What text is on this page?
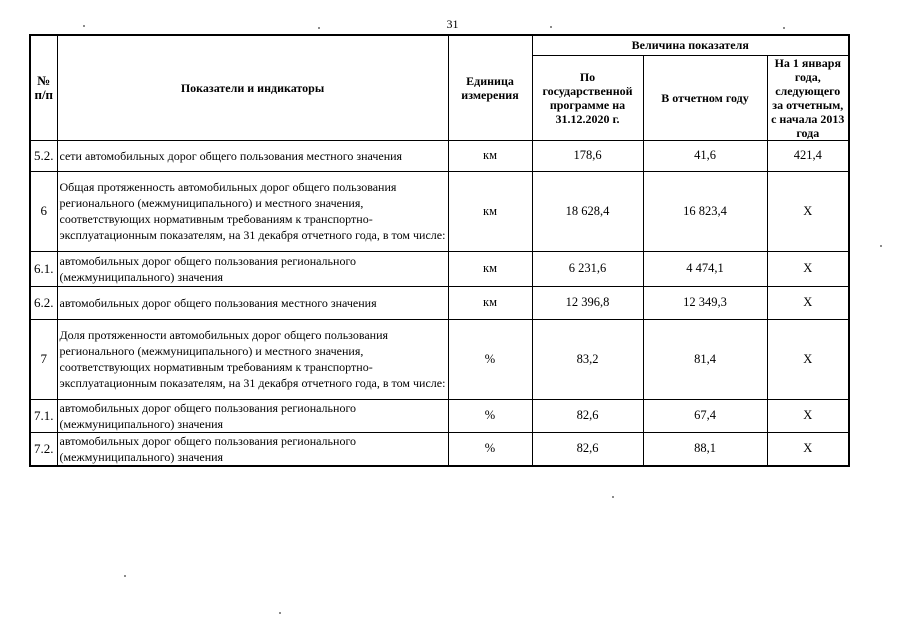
31
№
п/п	Показатели и индикаторы	Единица измерения	Величина показателя		
			По государственной программе на 31.12.2020 г.	В отчетном году	На 1 января года, следующего за отчетным, с начала 2013 года
5.2.	сети автомобильных дорог общего пользования местного значения	км	178,6	41,6	421,4
6	Общая протяженность автомобильных дорог общего пользования регионального (межмуниципального) и местного значения, соответствующих нормативным требованиям к транспортно-эксплуатационным показателям, на 31 декабря отчетного года, в том числе:	км	18 628,4	16 823,4	X
6.1.	автомобильных дорог общего пользования регионального (межмуниципального) значения	км	6 231,6	4 474,1	X
6.2.	автомобильных дорог общего пользования местного значения	км	12 396,8	12 349,3	X
7	Доля протяженности автомобильных дорог общего пользования регионального (межмуниципального) и местного значения, соответствующих нормативным требованиям к транспортно-эксплуатационным показателям, на 31 декабря отчетного года, в том числе:	%	83,2	81,4	X
7.1.	автомобильных дорог общего пользования регионального (межмуниципального) значения	%	82,6	67,4	X
7.2.	автомобильных дорог общего пользования регионального (межмуниципального) значения	%	82,6	88,1	X
